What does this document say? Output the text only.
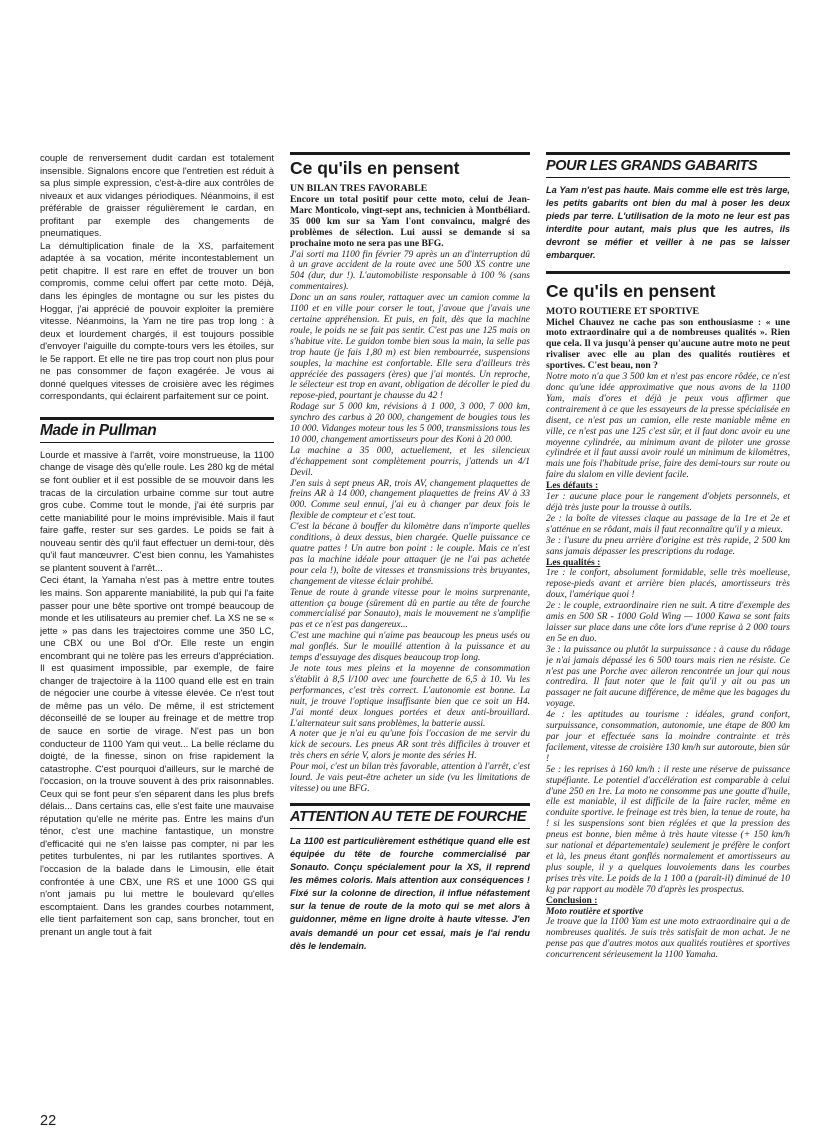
couple de renversement dudit cardan est totalement insensible. Signalons encore que l'entretien est réduit à sa plus simple expression, c'est-à-dire aux contrôles de niveaux et aux vidanges périodiques. Néanmoins, il est préférable de graisser régulièrement le cardan, en profitant par exemple des changements de pneumatiques.

La démultiplication finale de la XS, parfaitement adaptée à sa vocation, mérite incontestablement un petit chapitre. Il est rare en effet de trouver un bon compromis, comme celui offert par cette moto. Déjà, dans les épingles de montagne ou sur les pistes du Hoggar, j'ai apprécié de pouvoir exploiter la première vitesse. Néanmoins, la Yam ne tire pas trop long : à deux et lourdement chargés, il est toujours possible d'envoyer l'aiguille du compte-tours vers les étoiles, sur le 5e rapport. Et elle ne tire pas trop court non plus pour ne pas consommer de façon exagérée. Je vous ai donné quelques vitesses de croisière avec les régimes correspondants, qui éclairent parfaitement sur ce point.

Made in Pullman

Lourde et massive à l'arrêt, voire monstrueuse, la 1100 change de visage dès qu'elle roule. Les 280 kg de métal se font oublier et il est possible de se mouvoir dans les tracas de la circulation urbaine comme sur tout autre gros cube. Comme tout le monde, j'ai été surpris par cette maniabilité pour le moins imprévisible. Mais il faut faire gaffe, rester sur ses gardes. Le poids se fait à nouveau sentir dès qu'il faut effectuer un demi-tour, dès qu'il faut manœuvrer. C'est bien connu, les Yamahistes se plantent souvent à l'arrêt...

Ceci étant, la Yamaha n'est pas à mettre entre toutes les mains. Son apparente maniabilité, la pub qui l'a faite passer pour une bête sportive ont trompé beaucoup de monde et les utilisateurs au premier chef. La XS ne se « jette » pas dans les trajectoires comme une 350 LC, une CBX ou une Bol d'Or. Elle reste un engin encombrant qui ne tolère pas les erreurs d'appréciation. Il est quasiment impossible, par exemple, de faire changer de trajectoire à la 1100 quand elle est en train de négocier une courbe à vitesse élevée. Ce n'est tout de même pas un vélo. De même, il est strictement déconseillé de se louper au freinage et de mettre trop de sauce en sortie de virage. N'est pas un bon conducteur de 1100 Yam qui veut... La belle réclame du doigté, de la finesse, sinon on frise rapidement la catastrophe. C'est pourquoi d'ailleurs, sur le marché de l'occasion, on la trouve souvent à des prix raisonnables. Ceux qui se font peur s'en séparent dans les plus brefs délais... Dans certains cas, elle s'est faite une mauvaise réputation qu'elle ne mérite pas. Entre les mains d'un ténor, c'est une machine fantastique, un monstre d'efficacité qui ne s'en laisse pas compter, ni par les petites turbulentes, ni par les rutilantes sportives. A l'occasion de la balade dans le Limousin, elle était confrontée à une CBX, une RS et une 1000 GS qui n'ont jamais pu lui mettre le boulevard qu'elles escomptaient. Dans les grandes courbes notamment, elle tient parfaitement son cap, sans broncher, tout en prenant un angle tout à fait

Ce qu'ils en pensent
UN BILAN TRES FAVORABLE

Encore un total positif pour cette moto, celui de Jean-Marc Monticolo, vingt-sept ans, technicien à Montbéliard. 35 000 km sur sa Yam l'ont convaincu, malgré des problèmes de sélection. Lui aussi se demande si sa prochaine moto ne sera pas une BFG.

J'ai sorti ma 1100 fin février 79 après un an d'interruption dû à un grave accident de la route avec une 500 XS contre une 504 (dur, dur !). L'automobiliste responsable à 100 % (sans commentaires).

Donc un an sans rouler, rattaquer avec un camion comme la 1100 et en ville pour corser le tout, j'avoue que j'avais une certaine appréhension. Et puis, en fait, dès que la machine roule, le poids ne se fait pas sentir. C'est pas une 125 mais on s'habitue vite. Le guidon tombe bien sous la main, la selle pas trop haute (je fais 1,80 m) est bien rembourrée, suspensions souples, la machine est confortable. Elle sera d'ailleurs très appréciée des passagers (ères) que j'ai montés. Un reproche, le sélecteur est trop en avant, obligation de décoller le pied du repose-pied, pourtant je chausse du 42 !

Rodage sur 5 000 km, révisions à 1 000, 3 000, 7 000 km, synchro des carbus à 20 000, changement de bougies tous les 10 000. Vidanges moteur tous les 5 000, transmissions tous les 10 000, changement amortisseurs pour des Koni à 20 000.

La machine a 35 000, actuellement, et les silencieux d'échappement sont complètement pourris, j'attends un 4/1 Devil.

J'en suis à sept pneus AR, trois AV, changement plaquettes de freins AR à 14 000, changement plaquettes de freins AV à 33 000. Comme seul ennui, j'ai eu à changer par deux fois le flexible de compteur et c'est tout.

C'est la bécane à bouffer du kilomètre dans n'importe quelles conditions, à deux dessus, bien chargée. Quelle puissance ce quatre pattes ! Un autre bon point : le couple. Mais ce n'est pas la machine idéale pour attaquer (je ne l'ai pas achetée pour cela !), boîte de vitesses et transmissions très bruyantes, changement de vitesse éclair prohibé.

Tenue de route à grande vitesse pour le moins surprenante, attention ça bouge (sûrement dû en partie au tête de fourche commercialisé par Sonauto), mais le mouvement ne s'amplifie pas et ce n'est pas dangereux...

C'est une machine qui n'aime pas beaucoup les pneus usés ou mal gonflés. Sur le mouillé attention à la puissance et au temps d'essuyage des disques beaucoup trop long.

Je note tous mes pleins et la moyenne de consommation s'établit à 8,5 l/100 avec une fourchette de 6,5 à 10. Vu les performances, c'est très correct. L'autonomie est bonne. La nuit, je trouve l'optique insuffisante bien que ce soit un H4. J'ai monté deux longues portées et deux anti-brouillard. L'alternateur suit sans problèmes, la batterie aussi.

A noter que je n'ai eu qu'une fois l'occasion de me servir du kick de secours. Les pneus AR sont très difficiles à trouver et très chers en série V, alors je monte des séries H.

Pour moi, c'est un bilan très favorable, attention à l'arrêt, c'est lourd. Je vais peut-être acheter un side (vu les limitations de vitesse) ou une BFG.

ATTENTION AU TETE DE FOURCHE

La 1100 est particulièrement esthétique quand elle est équipée du tête de fourche commercialisé par Sonauto. Conçu spécialement pour la XS, il reprend les mêmes coloris. Mais attention aux conséquences ! Fixé sur la colonne de direction, il influe néfastement sur la tenue de route de la moto qui se met alors à guidonner, même en ligne droite à haute vitesse. J'en avais demandé un pour cet essai, mais je l'ai rendu dès le lendemain.

POUR LES GRANDS GABARITS

La Yam n'est pas haute. Mais comme elle est très large, les petits gabarits ont bien du mal à poser les deux pieds par terre. L'utilisation de la moto ne leur est pas interdite pour autant, mais plus que les autres, ils devront se méfier et veiller à ne pas se laisser embarquer.

Ce qu'ils en pensent
MOTO ROUTIERE ET SPORTIVE

Michel Chauvez ne cache pas son enthousiasme : « une moto extraordinaire qui a de nombreuses qualités ». Rien que cela. Il va jusqu'à penser qu'aucune autre moto ne peut rivaliser avec elle au plan des qualités routières et sportives. C'est beau, non ?

Notre moto n'a que 3 500 km et n'est pas encore rôdée, ce n'est donc qu'une idée approximative que nous avons de la 1100 Yam, mais d'ores et déjà je peux vous affirmer que contrairement à ce que les essayeurs de la presse spécialisée en disent, ce n'est pas un camion, elle reste maniable même en ville, ce n'est pas une 125 c'est sûr, et il faut donc avoir eu une moyenne cylindrée, au minimum avant de piloter une grosse cylindrée et il faut aussi avoir roulé un minimum de kilomètres, mais une fois l'habitude prise, faire des demi-tours sur route ou faire du slalom en ville devient facile.

Les défauts :

1er : aucune place pour le rangement d'objets personnels, et déjà très juste pour la trousse à outils.

2e : la boîte de vitesses claque au passage de la 1re et 2e et s'atténue en se rôdant, mais il faut reconnaître qu'il y a mieux.

3e : l'usure du pneu arrière d'origine est très rapide, 2 500 km sans jamais dépasser les prescriptions du rodage.

Les qualités :

1re : le confort, absolument formidable, selle très moelleuse, repose-pieds avant et arrière bien placés, amortisseurs très doux, l'amérique quoi !

2e : le couple, extraordinaire rien ne suit. A titre d'exemple des amis en 500 SR - 1000 Gold Wing — 1000 Kawa se sont faits laisser sur place dans une côte lors d'une reprise à 2 000 tours en 5e en duo.

3e : la puissance ou plutôt la surpuissance : à cause du rôdage je n'ai jamais dépassé les 6 500 tours mais rien ne résiste. Ce n'est pas une Porche avec aileron rencontrée un jour qui nous contredira. Il faut noter que le fait qu'il y ait ou pas un passager ne fait aucune différence, de même que les bagages du voyage.

4e : les aptitudes au tourisme : idéales, grand confort, surpuissance, consommation, autonomie, une étape de 800 km par jour et effectuée sans la moindre contrainte et très facilement, vitesse de croisière 130 km/h sur autoroute, bien sûr !

5e : les reprises à 160 km/h : il reste une réserve de puissance stupéfiante. Le potentiel d'accélération est comparable à celui d'une 250 en 1re. La moto ne consomme pas une goutte d'huile, elle est maniable, il est difficile de la faire racler, même en conduite sportive. le freinage est très bien, la tenue de route, ha ! si les suspensions sont bien réglées et que la pression des pneus est bonne, bien même à très haute vitesse (+ 150 km/h sur national et départementale) seulement je préfère le confort et là, les pneus étant gonflés normalement et amortisseurs au plus souple, il y a quelques louvoiements dans les courbes prises très vite. Le poids de la 1 100 a (paraît-il) diminué de 10 kg par rapport au modèle 70 d'après les prospectus.

Conclusion :

Moto routière et sportive

Je trouve que la 1100 Yam est une moto extraordinaire qui a de nombreuses qualités. Je suis très satisfait de mon achat. Je ne pense pas que d'autres motos aux qualités routières et sportives concurrencent sérieusement la 1100 Yamaha.

22
